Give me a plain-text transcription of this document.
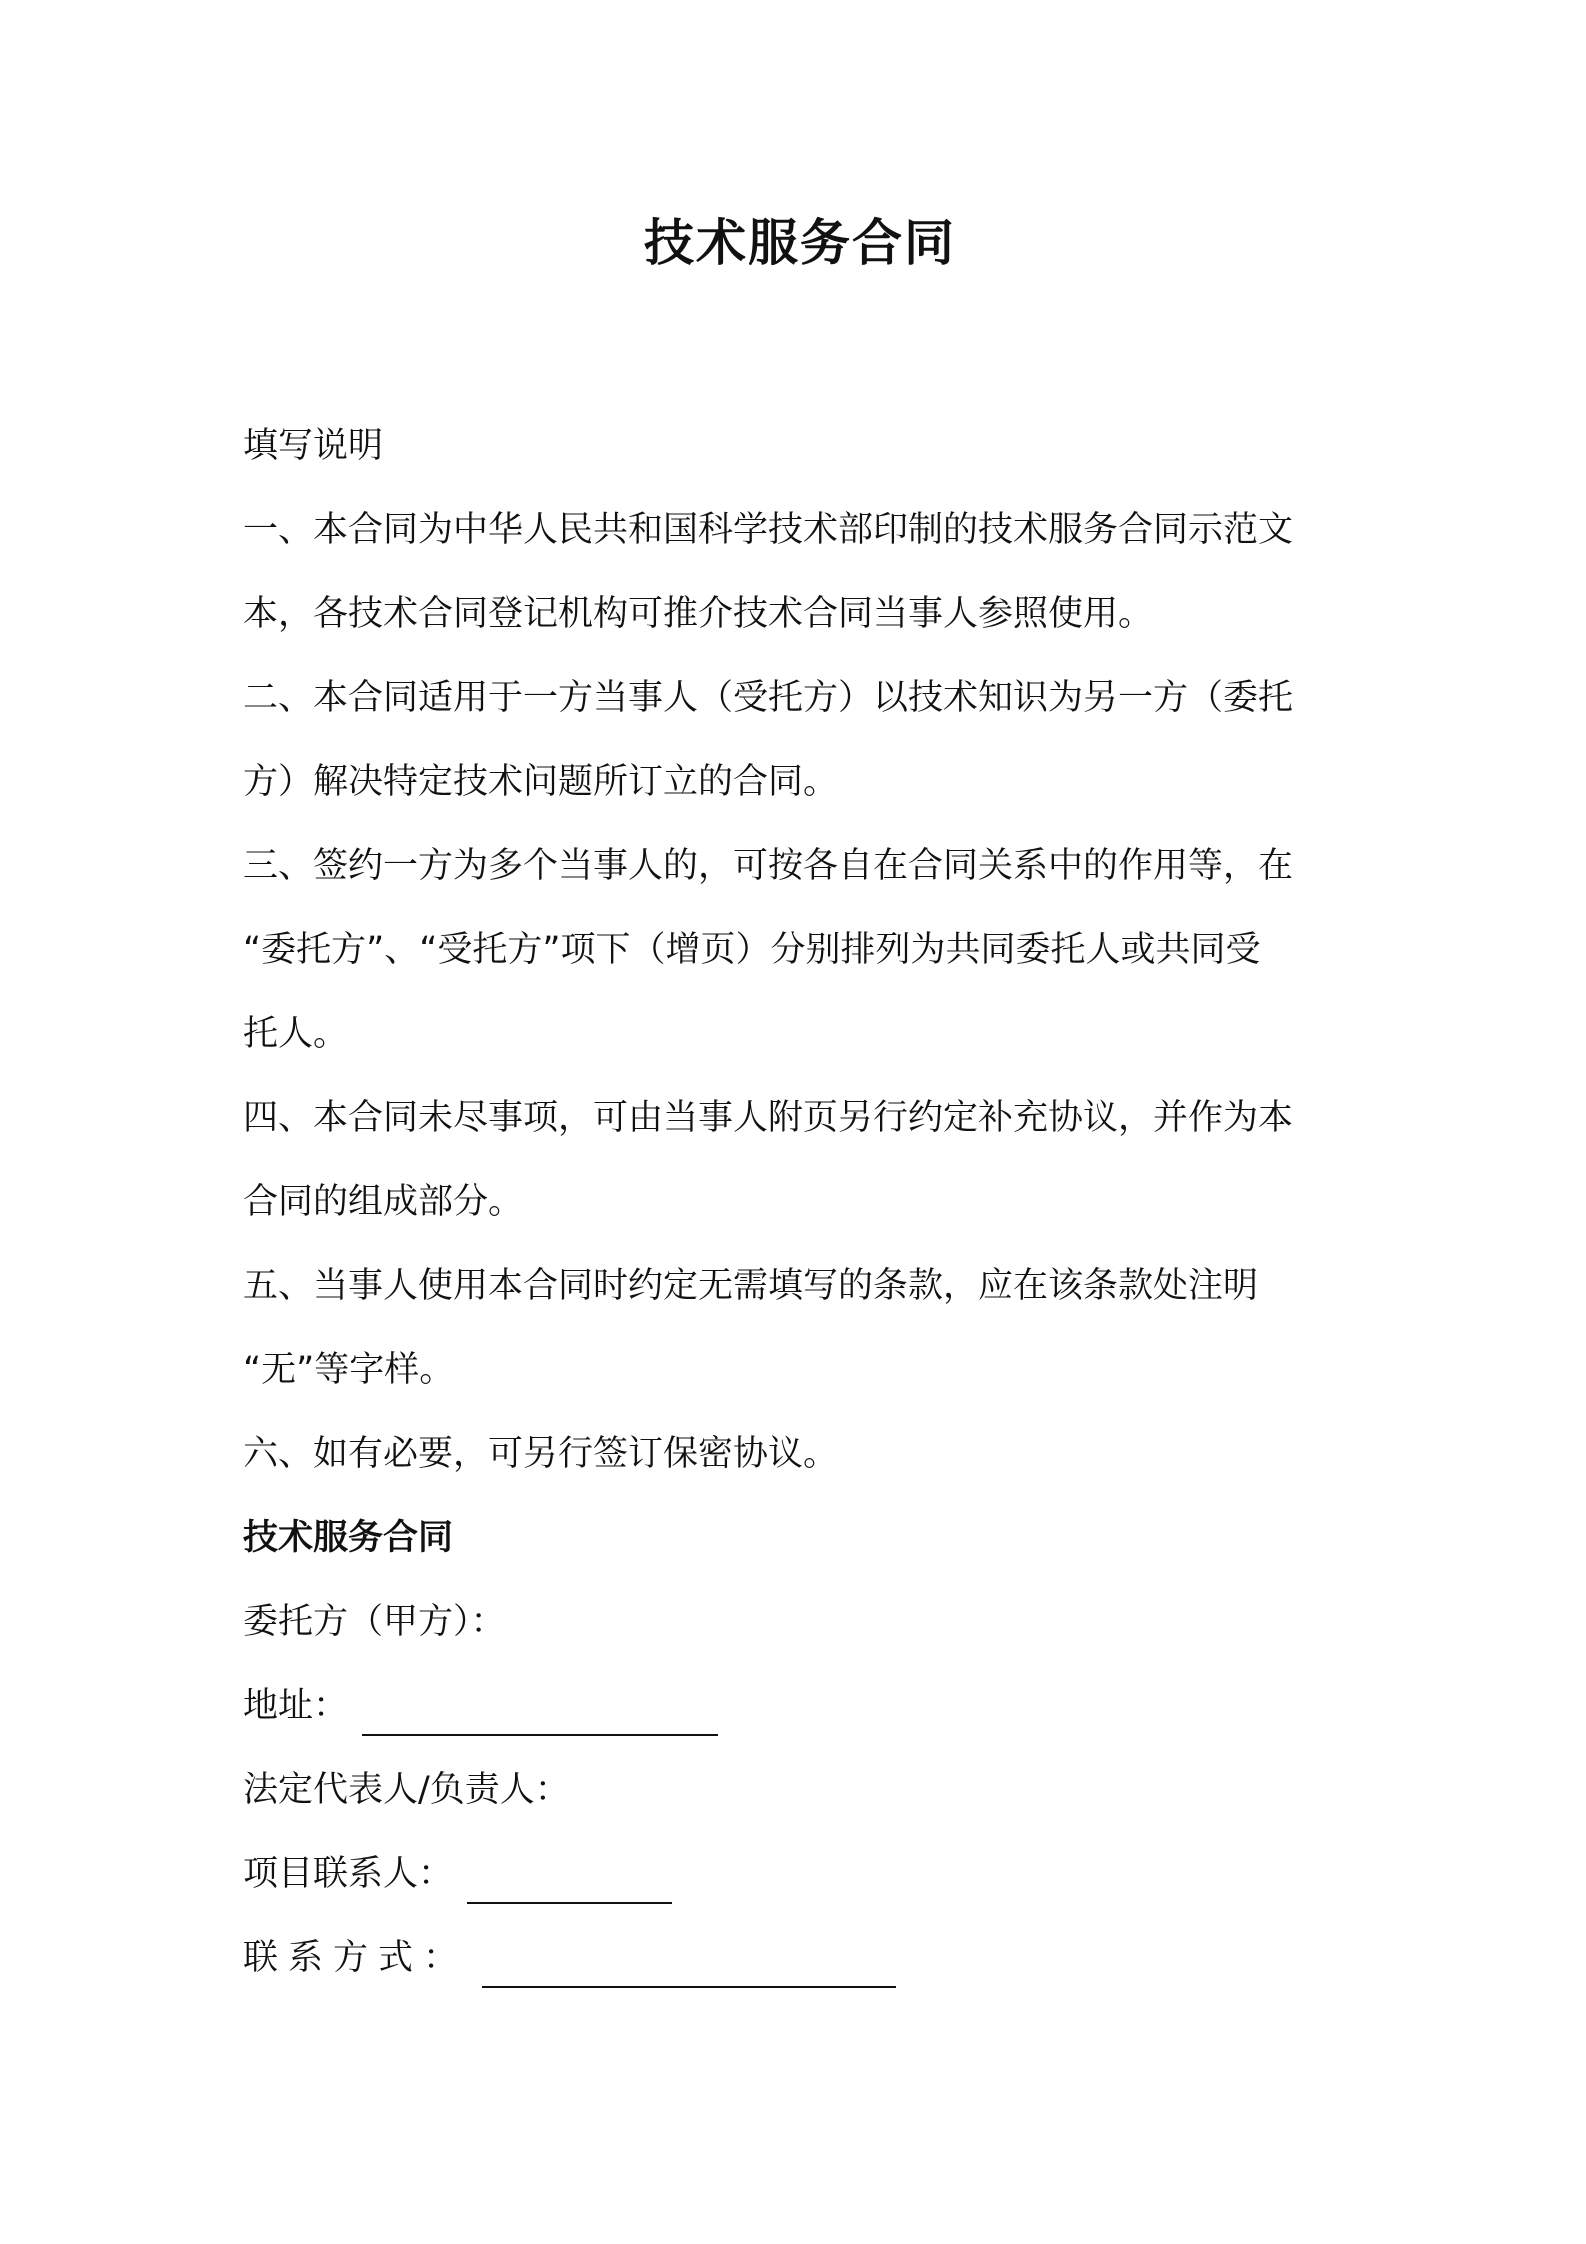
技术服务合同
填写说明
一、本合同为中华人民共和国科学技术部印制的技术服务合同示范文
本，各技术合同登记机构可推介技术合同当事人参照使用。
二、本合同适用于一方当事人（受托方）以技术知识为另一方（委托
方）解决特定技术问题所订立的合同。
三、签约一方为多个当事人的，可按各自在合同关系中的作用等，在
“委托方”、“受托方”项下（增页）分别排列为共同委托人或共同受
托人。
四、本合同未尽事项，可由当事人附页另行约定补充协议，并作为本
合同的组成部分。
五、当事人使用本合同时约定无需填写的条款，应在该条款处注明
“无”等字样。
六、如有必要，可另行签订保密协议。
技术服务合同
委托方（甲方）：
地址：
法定代表人/负责人：
项目联系人：
联系方式：
